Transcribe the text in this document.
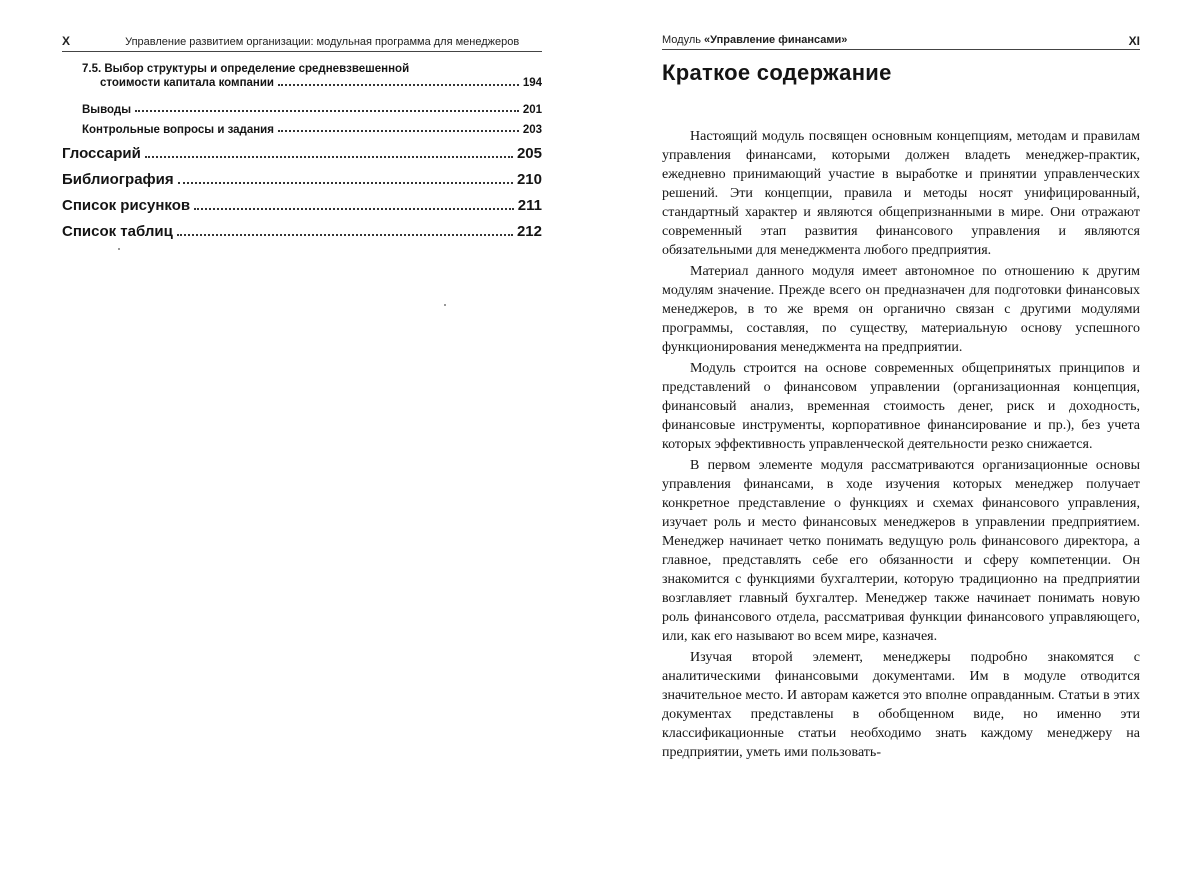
X	Управление развитием организации: модульная программа для менеджеров
7.5. Выбор структуры и определение средневзвешенной
стоимости капитала компании	194
Выводы	201
Контрольные вопросы и задания	203
Глоссарий	205
Библиография	210
Список рисунков	211
Список таблиц	212
Модуль «Управление финансами»	XI
Краткое содержание

Настоящий модуль посвящен основным концепциям, методам и правилам управления финансами, которыми должен владеть менеджер-практик, ежедневно принимающий участие в выработке и принятии управленческих решений. Эти концепции, правила и методы носят унифицированный, стандартный характер и являются общепризнанными в мире. Они отражают современный этап развития финансового управления и являются обязательными для менеджмента любого предприятия.

Материал данного модуля имеет автономное по отношению к другим модулям значение. Прежде всего он предназначен для подготовки финансовых менеджеров, в то же время он органично связан с другими модулями программы, составляя, по существу, материальную основу успешного функционирования менеджмента на предприятии.

Модуль строится на основе современных общепринятых принципов и представлений о финансовом управлении (организационная концепция, финансовый анализ, временная стоимость денег, риск и доходность, финансовые инструменты, корпоративное финансирование и пр.), без учета которых эффективность управленческой деятельности резко снижается.

В первом элементе модуля рассматриваются организационные основы управления финансами, в ходе изучения которых менеджер получает конкретное представление о функциях и схемах финансового управления, изучает роль и место финансовых менеджеров в управлении предприятием. Менеджер начинает четко понимать ведущую роль финансового директора, а главное, представлять себе его обязанности и сферу компетенции. Он знакомится с функциями бухгалтерии, которую традиционно на предприятии возглавляет главный бухгалтер. Менеджер также начинает понимать новую роль финансового отдела, рассматривая функции финансового управляющего, или, как его называют во всем мире, казначея.

Изучая второй элемент, менеджеры подробно знакомятся с аналитическими финансовыми документами. Им в модуле отводится значительное место. И авторам кажется это вполне оправданным. Статьи в этих документах представлены в обобщенном виде, но именно эти классификационные статьи необходимо знать каждому менеджеру на предприятии, уметь ими пользовать-
